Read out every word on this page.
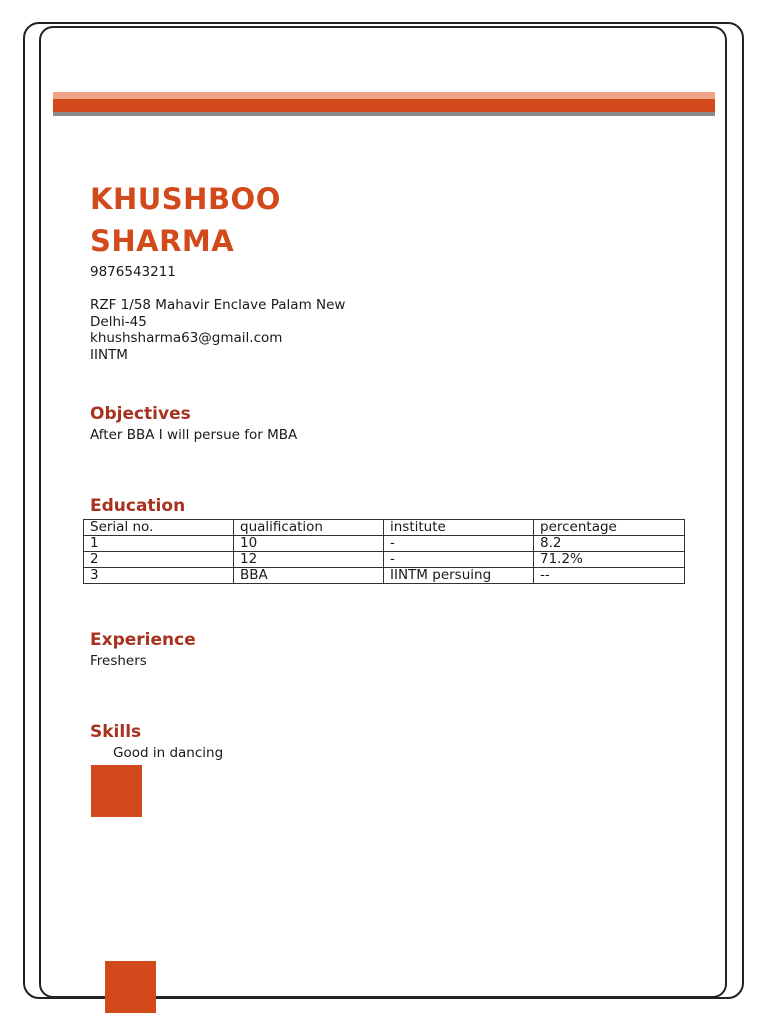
KHUSHBOO
SHARMA
9876543211
RZF 1/58 Mahavir Enclave Palam New Delhi-45
khushsharma63@gmail.com
IINTM
Objectives
After BBA I will persue for MBA
Education
Serial no.	qualification	institute	percentage
1	10	-	8.2
2	12	-	71.2%
3	BBA	IINTM persuing	--
Experience
Freshers
Skills
Good in dancing
